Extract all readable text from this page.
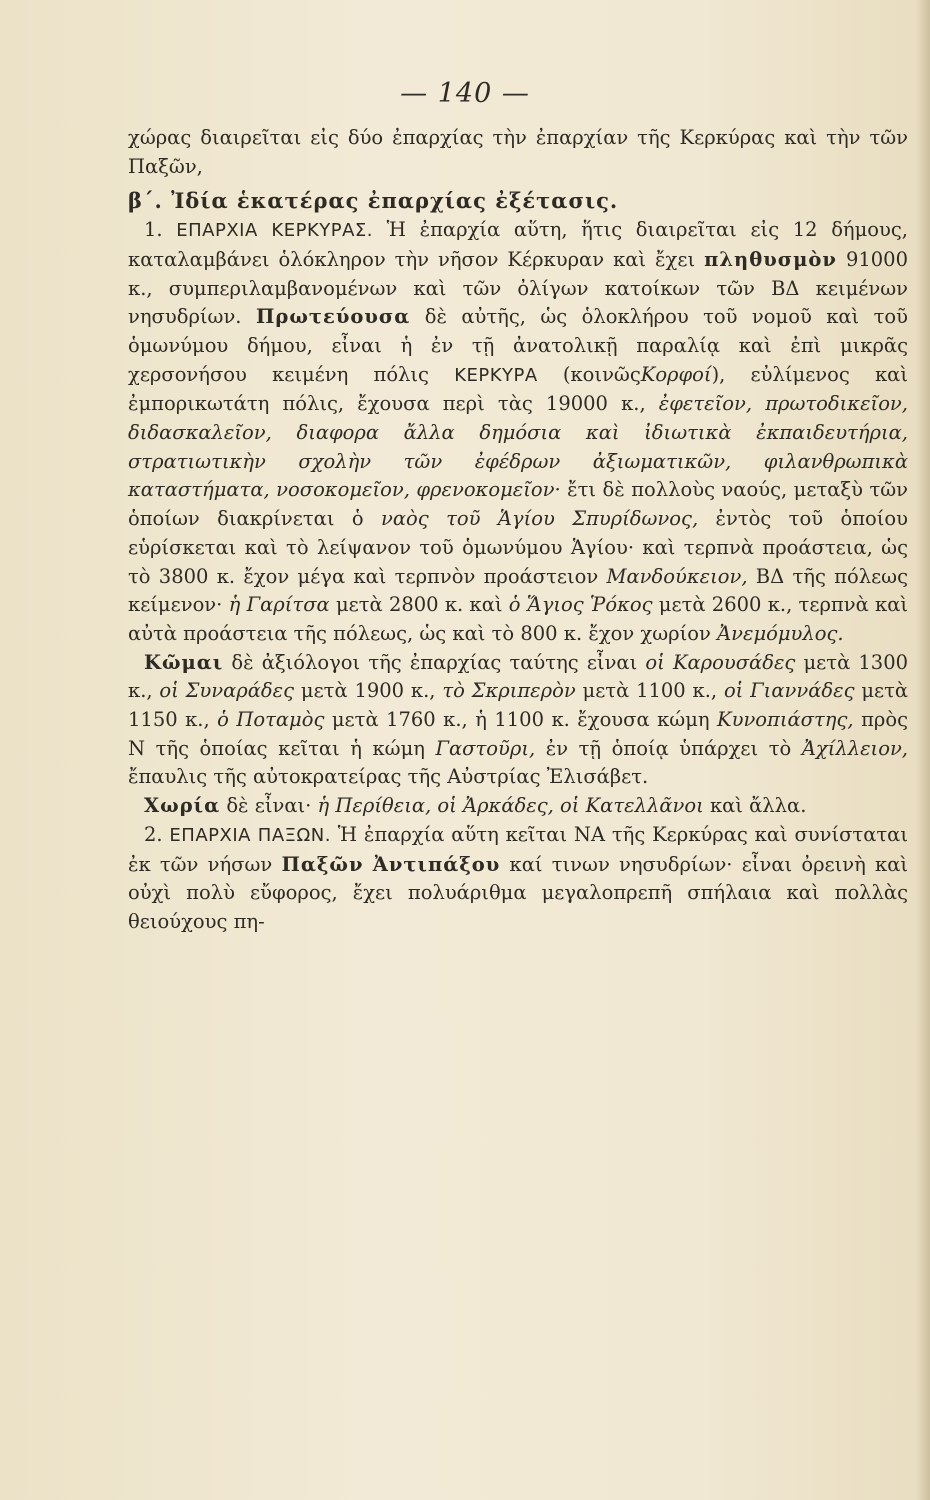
— 140 —

χώρας διαιρεῖται εἰς δύο ἐπαρχίας τὴν ἐπαρχίαν τῆς Κερκύρας καὶ τὴν τῶν Παξῶν,

β΄. Ἰδία ἑκατέρας ἐπαρχίας ἐξέτασις.

1. ΕΠΑΡΧΙΑ ΚΕΡΚΥΡΑΣ. Ἡ ἐπαρχία αὕτη, ἥτις διαιρεῖται εἰς 12 δήμους, καταλαμβάνει ὁλόκληρον τὴν νῆσον Κέρκυραν καὶ ἔχει πληθυσμὸν 91000 κ., συμπεριλαμβανομένων καὶ τῶν ὀλίγων κατοίκων τῶν ΒΔ κειμένων νησυδρίων. Πρωτεύουσα δὲ αὐτῆς, ὡς ὁλοκλήρου τοῦ νομοῦ καὶ τοῦ ὁμωνύμου δήμου, εἶναι ἡ ἐν τῇ ἀνατολικῇ παραλίᾳ καὶ ἐπὶ μικρᾶς χερσονήσου κειμένη πόλις ΚΕΡΚΥΡΑ (κοινῶςΚορφοί), εὐλίμενος καὶ ἐμπορικωτάτη πόλις, ἔχουσα περὶ τὰς 19000 κ., ἐφετεῖον, πρωτοδικεῖον, διδασκαλεῖον, διαφορα ἄλλα δημόσια καὶ ἰδιωτικὰ ἐκπαιδευτήρια, στρατιωτικὴν σχολὴν τῶν ἐφέδρων ἀξιωματικῶν, φιλανθρωπικὰ καταστήματα, νοσοκομεῖον, φρενοκομεῖον· ἔτι δὲ πολλοὺς ναούς, μεταξὺ τῶν ὁποίων διακρίνεται ὁ ναὸς τοῦ Ἁγίου Σπυρίδωνος, ἐντὸς τοῦ ὁποίου εὑρίσκεται καὶ τὸ λείψανον τοῦ ὁμωνύμου Ἁγίου· καὶ τερπνὰ προάστεια, ὡς τὸ 3800 κ. ἔχον μέγα καὶ τερπνὸν προάστειον Μανδούκειον, ΒΔ τῆς πόλεως κείμενον· ἡ Γαρίτσα μετὰ 2800 κ. καὶ ὁ Ἅγιος Ῥόκος μετὰ 2600 κ., τερπνὰ καὶ αὐτὰ προάστεια τῆς πόλεως, ὡς καὶ τὸ 800 κ. ἔχον χωρίον Ἀνεμόμυλος.

Κῶμαι δὲ ἀξιόλογοι τῆς ἐπαρχίας ταύτης εἶναι οἱ Καρουσάδες μετὰ 1300 κ., οἱ Συναράδες μετὰ 1900 κ., τὸ Σκριπερὸν μετὰ 1100 κ., οἱ Γιαννάδες μετὰ 1150 κ., ὁ Ποταμὸς μετὰ 1760 κ., ἡ 1100 κ. ἔχουσα κώμη Κυνοπιάστης, πρὸς Ν τῆς ὁποίας κεῖται ἡ κώμη Γαστοῦρι, ἐν τῇ ὁποίᾳ ὑπάρχει τὸ Ἀχίλλειον, ἔπαυλις τῆς αὐτοκρατείρας τῆς Αὐστρίας Ἐλισάβετ.

Χωρία δὲ εἶναι· ἡ Περίθεια, οἱ Ἀρκάδες, οἱ Κατελλᾶνοι καὶ ἄλλα.

2. ΕΠΑΡΧΙΑ ΠΑΞΩΝ. Ἡ ἐπαρχία αὕτη κεῖται ΝΑ τῆς Κερκύρας καὶ συνίσταται ἐκ τῶν νήσων Παξῶν Ἀντιπάξου καί τινων νησυδρίων· εἶναι ὀρεινὴ καὶ οὐχὶ πολὺ εὔφορος, ἔχει πολυάριθμα μεγαλοπρεπῆ σπήλαια καὶ πολλὰς θειούχους πη-
